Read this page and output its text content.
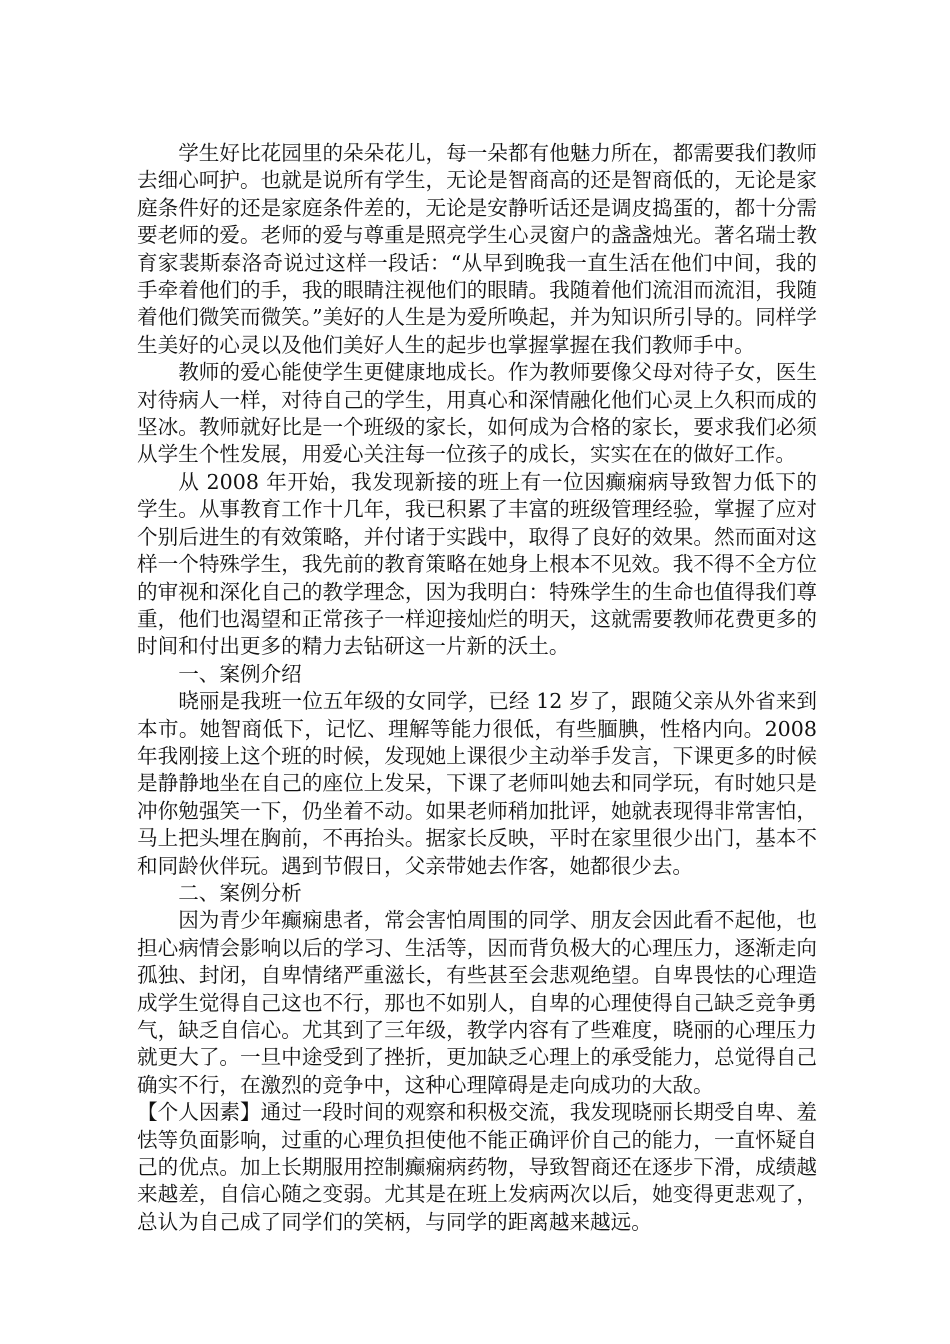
学生好比花园里的朵朵花儿，每一朵都有他魅力所在，都需要我们教师去细心呵护。也就是说所有学生，无论是智商高的还是智商低的，无论是家庭条件好的还是家庭条件差的，无论是安静听话还是调皮捣蛋的，都十分需要老师的爱。老师的爱与尊重是照亮学生心灵窗户的盏盏烛光。著名瑞士教育家裴斯泰洛奇说过这样一段话：“从早到晚我一直生活在他们中间，我的手牵着他们的手，我的眼睛注视他们的眼睛。我随着他们流泪而流泪，我随着他们微笑而微笑。”美好的人生是为爱所唤起，并为知识所引导的。同样学生美好的心灵以及他们美好人生的起步也掌握掌握在我们教师手中。

教师的爱心能使学生更健康地成长。作为教师要像父母对待子女，医生对待病人一样，对待自己的学生，用真心和深情融化他们心灵上久积而成的坚冰。教师就好比是一个班级的家长，如何成为合格的家长，要求我们必须从学生个性发展，用爱心关注每一位孩子的成长，实实在在的做好工作。

从 2008 年开始，我发现新接的班上有一位因癫痫病导致智力低下的学生。从事教育工作十几年，我已积累了丰富的班级管理经验，掌握了应对个别后进生的有效策略，并付诸于实践中，取得了良好的效果。然而面对这样一个特殊学生，我先前的教育策略在她身上根本不见效。我不得不全方位的审视和深化自己的教学理念，因为我明白：特殊学生的生命也值得我们尊重，他们也渴望和正常孩子一样迎接灿烂的明天，这就需要教师花费更多的时间和付出更多的精力去钻研这一片新的沃土。

一、案例介绍

晓丽是我班一位五年级的女同学，已经 12 岁了，跟随父亲从外省来到本市。她智商低下，记忆、理解等能力很低，有些腼腆，性格内向。2008 年我刚接上这个班的时候，发现她上课很少主动举手发言，下课更多的时候是静静地坐在自己的座位上发呆，下课了老师叫她去和同学玩，有时她只是冲你勉强笑一下，仍坐着不动。如果老师稍加批评，她就表现得非常害怕，马上把头埋在胸前，不再抬头。据家长反映，平时在家里很少出门，基本不和同龄伙伴玩。遇到节假日，父亲带她去作客，她都很少去。

二、案例分析

因为青少年癫痫患者，常会害怕周围的同学、朋友会因此看不起他，也担心病情会影响以后的学习、生活等，因而背负极大的心理压力，逐渐走向孤独、封闭，自卑情绪严重滋长，有些甚至会悲观绝望。自卑畏怯的心理造成学生觉得自己这也不行，那也不如别人，自卑的心理使得自己缺乏竞争勇气，缺乏自信心。尤其到了三年级，教学内容有了些难度，晓丽的心理压力就更大了。一旦中途受到了挫折，更加缺乏心理上的承受能力，总觉得自己确实不行，在激烈的竞争中，这种心理障碍是走向成功的大敌。

【个人因素】通过一段时间的观察和积极交流，我发现晓丽长期受自卑、羞怯等负面影响，过重的心理负担使他不能正确评价自己的能力，一直怀疑自己的优点。加上长期服用控制癫痫病药物，导致智商还在逐步下滑，成绩越来越差，自信心随之变弱。尤其是在班上发病两次以后，她变得更悲观了，总认为自己成了同学们的笑柄，与同学的距离越来越远。
